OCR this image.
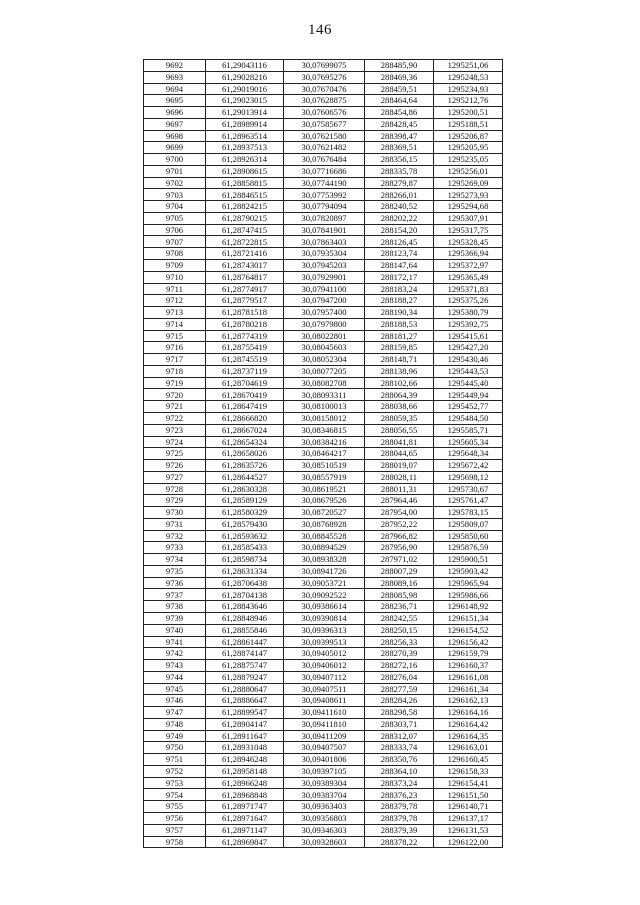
146
9692	61,29043116	30,07699075	288485,90	1295251,06
9693	61,29028216	30,07695276	288469,36	1295248,53
9694	61,29019016	30,07670476	288459,51	1295234,93
9695	61,29023015	30,07628875	288464,64	1295212,76
9696	61,29013914	30,07606576	288454,86	1295200,51
9697	61,28989914	30,07585677	288428,45	1295188,51
9698	61,28963514	30,07621580	288398,47	1295206,87
9699	61,28937513	30,07621482	288369,51	1295205,95
9700	61,28926314	30,07676484	288356,15	1295235,05
9701	61,28908615	30,07716686	288335,78	1295256,01
9702	61,28858815	30,07744190	288279,87	1295269,09
9703	61,28846515	30,07753992	288266,01	1295273,93
9704	61,28824215	30,07794094	288240,52	1295294,68
9705	61,28790215	30,07820897	288202,22	1295307,91
9706	61,28747415	30,07841901	288154,20	1295317,75
9707	61,28722815	30,07863403	288126,45	1295328,45
9708	61,28721416	30,07935304	288123,74	1295366,94
9709	61,28743017	30,07945203	288147,64	1295372,97
9710	61,28764817	30,07929901	288172,17	1295365,49
9711	61,28774917	30,07941100	288183,24	1295371,83
9712	61,28779517	30,07947200	288188,27	1295375,26
9713	61,28781518	30,07957400	288190,34	1295380,79
9714	61,28780218	30,07979800	288188,53	1295392,75
9715	61,28774319	30,08022801	288181,27	1295415,61
9716	61,28755419	30,08045603	288159,85	1295427,20
9717	61,28745519	30,08052304	288148,71	1295430,46
9718	61,28737119	30,08077205	288138,96	1295443,53
9719	61,28704619	30,08082708	288102,66	1295445,40
9720	61,28670419	30,08093311	288064,39	1295449,94
9721	61,28647419	30,08100013	288038,66	1295452,77
9722	61,28666820	30,08158012	288059,35	1295484,50
9723	61,28667024	30,08346815	288056,55	1295585,71
9724	61,28654324	30,08384216	288041,81	1295605,34
9725	61,28658026	30,08464217	288044,65	1295648,34
9726	61,28635726	30,08510519	288019,07	1295672,42
9727	61,28644527	30,08557919	288028,11	1295698,12
9728	61,28630328	30,08619521	288011,31	1295730,67
9729	61,28589129	30,08679526	287964,46	1295761,47
9730	61,28580329	30,08720527	287954,00	1295783,15
9731	61,28579430	30,08768928	287952,22	1295809,07
9732	61,28593632	30,08845528	287966,82	1295850,60
9733	61,28585433	30,08894529	287956,90	1295876,59
9734	61,28598734	30,08938328	287971,02	1295900,51
9735	61,28631334	30,08941726	288007,29	1295903,42
9736	61,28706438	30,09053721	288089,16	1295965,94
9737	61,28704138	30,09092522	288085,98	1295986,66
9738	61,28843646	30,09386614	288236,71	1296148,92
9739	61,28848946	30,09390814	288242,55	1296151,34
9740	61,28855846	30,09396313	288250,15	1296154,52
9741	61,28861447	30,09399513	288256,33	1296156,42
9742	61,28874147	30,09405012	288270,39	1296159,79
9743	61,28875747	30,09406012	288272,16	1296160,37
9744	61,28879247	30,09407112	288276,04	1296161,08
9745	61,28880647	30,09407511	288277,59	1296161,34
9746	61,28886647	30,09408611	288284,26	1296162,13
9747	61,28899547	30,09411610	288298,58	1296164,16
9748	61,28904147	30,09411810	288303,71	1296164,42
9749	61,28911647	30,09411209	288312,07	1296164,35
9750	61,28931048	30,09407507	288333,74	1296163,01
9751	61,28946248	30,09401806	288350,76	1296160,45
9752	61,28958148	30,09397105	288364,10	1296158,33
9753	61,28966248	30,09389304	288373,24	1296154,41
9754	61,28968848	30,09383704	288376,23	1296151,50
9755	61,28971747	30,09363403	288379,78	1296140,71
9756	61,28971647	30,09356803	288379,78	1296137,17
9757	61,28971147	30,09346303	288379,39	1296131,53
9758	61,28969847	30,09328603	288378,22	1296122,00
